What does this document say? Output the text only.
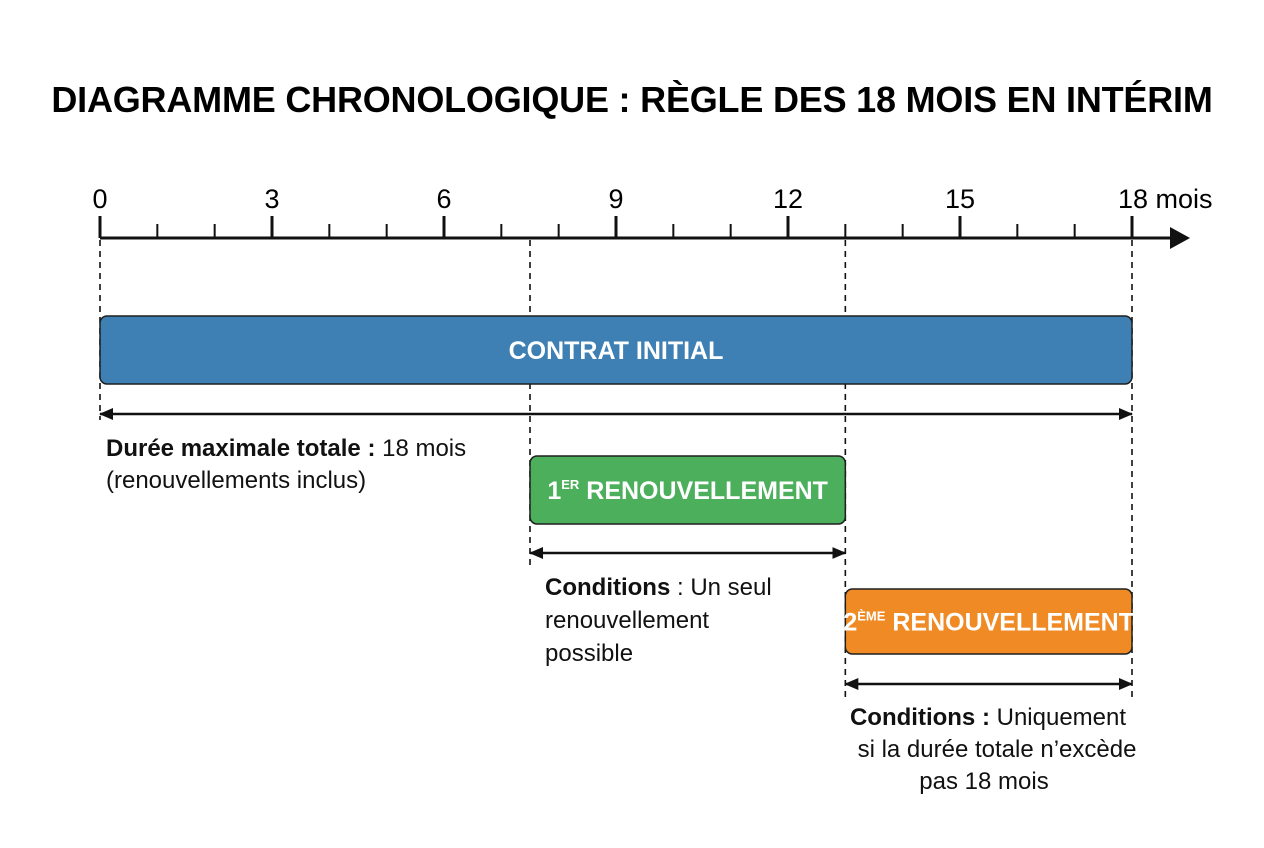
DIAGRAMME CHRONOLOGIQUE : RÈGLE DES 18 MOIS EN INTÉRIM
0	3	6	9	12	15	18 mois
CONTRAT INITIAL
1ER RENOUVELLEMENT
2ÈME RENOUVELLEMENT
Durée maximale totale : 18 mois
(renouvellements inclus)
Conditions : Un seul
renouvellement
possible
Conditions : Uniquement
si la durée totale n’excède
pas 18 mois
